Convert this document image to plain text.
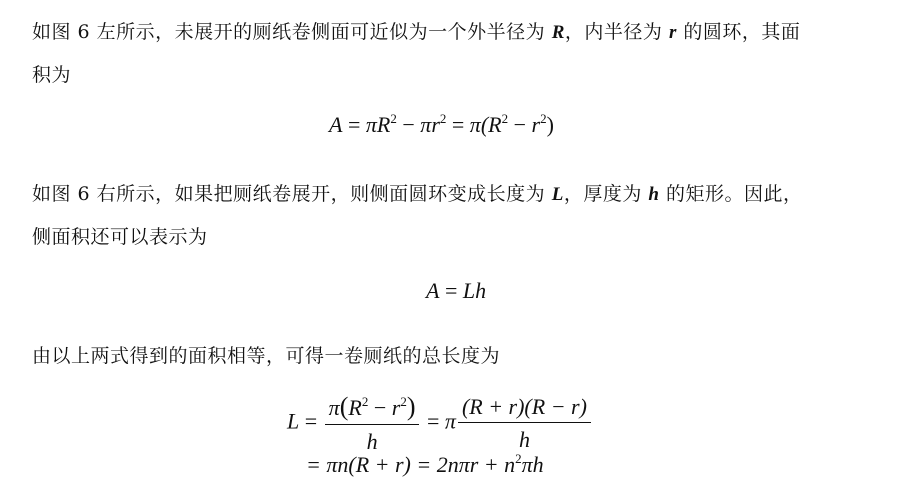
如图 6 左所示，未展开的厕纸卷侧面可近似为一个外半径为 R，内半径为 r 的圆环，其面
积为
$A = \pi R^2 - \pi r^2 = \pi(R^2 - r^2)$
如图 6 右所示，如果把厕纸卷展开，则侧面圆环变成长度为 L，厚度为 h 的矩形。因此，
侧面积还可以表示为
A = Lh
由以上两式得到的面积相等，可得一卷厕纸的总长度为
$L = \frac{\pi(R^2 - r^2)}{h} = \pi \frac{(R + r)(R - r)}{h}$
= $\pi n(R + r) = 2n\pi r + n^2\pi h$
